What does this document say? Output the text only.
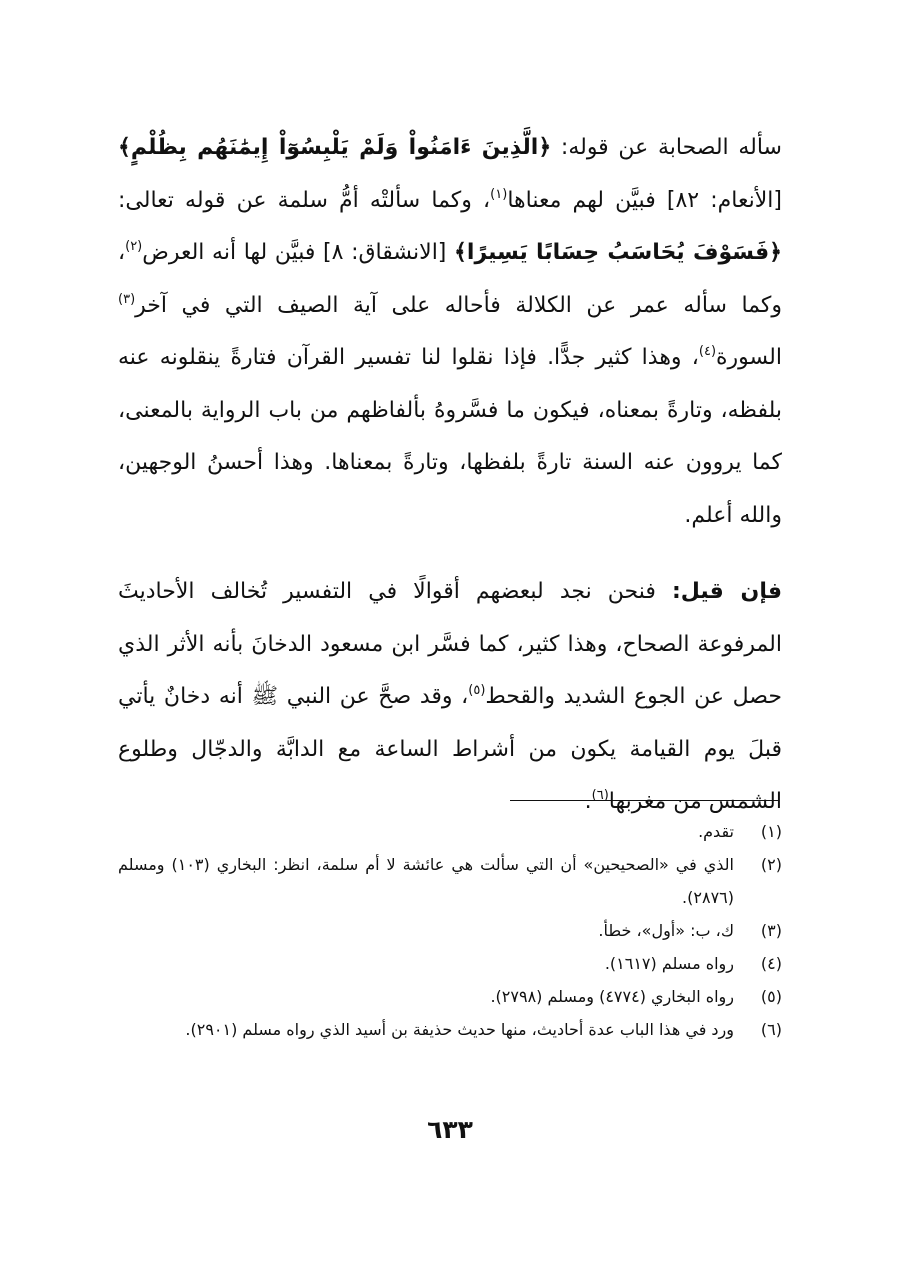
سأله الصحابة عن قوله: ﴿الَّذِينَ ءَامَنُواْ وَلَمْ يَلْبِسُوٓاْ إِيمَٰنَهُم بِظُلْمٍ﴾ [الأنعام: ٨٢] فبيَّن لهم معناها$^{(١)}$، وكما سألتْه أمُّ سلمة عن قوله تعالى: ﴿فَسَوْفَ يُحَاسَبُ حِسَابًا يَسِيرًا﴾ [الانشقاق: ٨] فبيَّن لها أنه العرض$^{(٢)}$، وكما سأله عمر عن الكلالة فأحاله على آية الصيف التي في آخر$^{(٣)}$ السورة$^{(٤)}$، وهذا كثير جدًّا. فإذا نقلوا لنا تفسير القرآن فتارةً ينقلونه عنه بلفظه، وتارةً بمعناه، فيكون ما فسَّروهُ بألفاظهم من باب الرواية بالمعنى، كما يروون عنه السنة تارةً بلفظها، وتارةً بمعناها. وهذا أحسنُ الوجهين، والله أعلم.

فإن قيل: فنحن نجد لبعضهم أقوالًا في التفسير تُخالف الأحاديثَ المرفوعة الصحاح، وهذا كثير، كما فسَّر ابن مسعود الدخانَ بأنه الأثر الذي حصل عن الجوع الشديد والقحط$^{(٥)}$، وقد صحَّ عن النبي ﷺ أنه دخانٌ يأتي قبلَ يوم القيامة يكون من أشراط الساعة مع الدابَّة والدجّال وطلوع الشمس من مغربها$^{(٦)}$.

(١)
تقدم.
(٢)
الذي في «الصحيحين» أن التي سألت هي عائشة لا أم سلمة، انظر: البخاري (١٠٣) ومسلم (٢٨٧٦).
(٣)
ك، ب: «أول»، خطأ.
(٤)
رواه مسلم (١٦١٧).
(٥)
رواه البخاري (٤٧٧٤) ومسلم (٢٧٩٨).
(٦)
ورد في هذا الباب عدة أحاديث، منها حديث حذيفة بن أسيد الذي رواه مسلم (٢٩٠١).
٦٣٣
